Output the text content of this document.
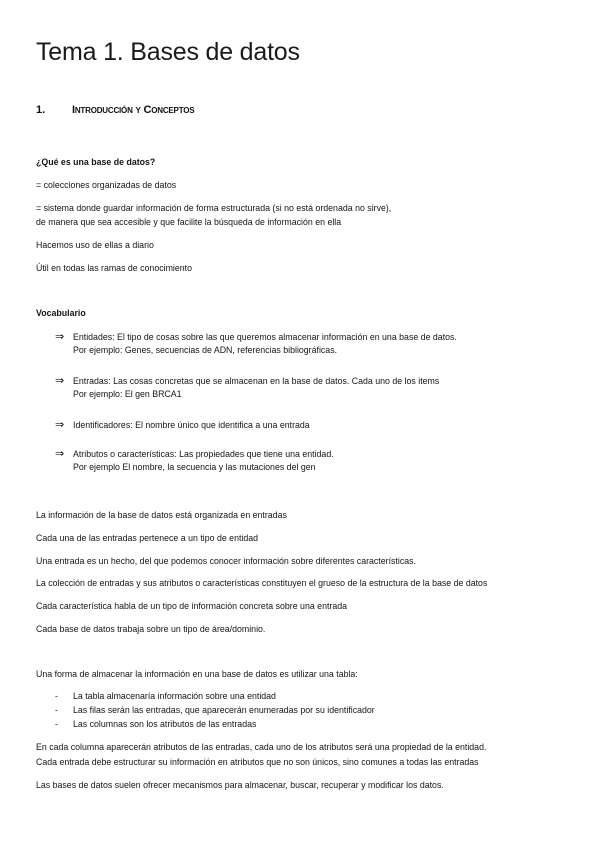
Tema 1. Bases de datos
1. Introducción y Conceptos
¿Qué es una base de datos?
= colecciones organizadas de datos
= sistema donde guardar información de forma estructurada (si no está ordenada no sirve),
de manera que sea accesible y que facilite la búsqueda de información en ella
Hacemos uso de ellas a diario
Útil en todas las ramas de conocimiento
Vocabulario
⇒ Entidades: El tipo de cosas sobre las que queremos almacenar información en una base de datos.
Por ejemplo: Genes, secuencias de ADN, referencias bibliográficas.
⇒ Entradas: Las cosas concretas que se almacenan en la base de datos. Cada uno de los items
Por ejemplo: El gen BRCA1
⇒ Identificadores: El nombre único que identifica a una entrada
⇒ Atributos o características: Las propiedades que tiene una entidad.
Por ejemplo El nombre, la secuencia y las mutaciones del gen
La información de la base de datos está organizada en entradas
Cada una de las entradas pertenece a un tipo de entidad
Una entrada es un hecho, del que podemos conocer información sobre diferentes características.
La colección de entradas y sus atributos o características constituyen el grueso de la estructura de la base de datos
Cada característica habla de un tipo de información concreta sobre una entrada
Cada base de datos trabaja sobre un tipo de área/dominio.
Una forma de almacenar la información en una base de datos es utilizar una tabla:
- La tabla almacenaría información sobre una entidad
- Las filas serán las entradas, que aparecerán enumeradas por su identificador
- Las columnas son los atributos de las entradas
En cada columna aparecerán atributos de las entradas, cada uno de los atributos será una propiedad de la entidad.
Cada entrada debe estructurar su información en atributos que no son únicos, sino comunes a todas las entradas
Las bases de datos suelen ofrecer mecanismos para almacenar, buscar, recuperar y modificar los datos.
